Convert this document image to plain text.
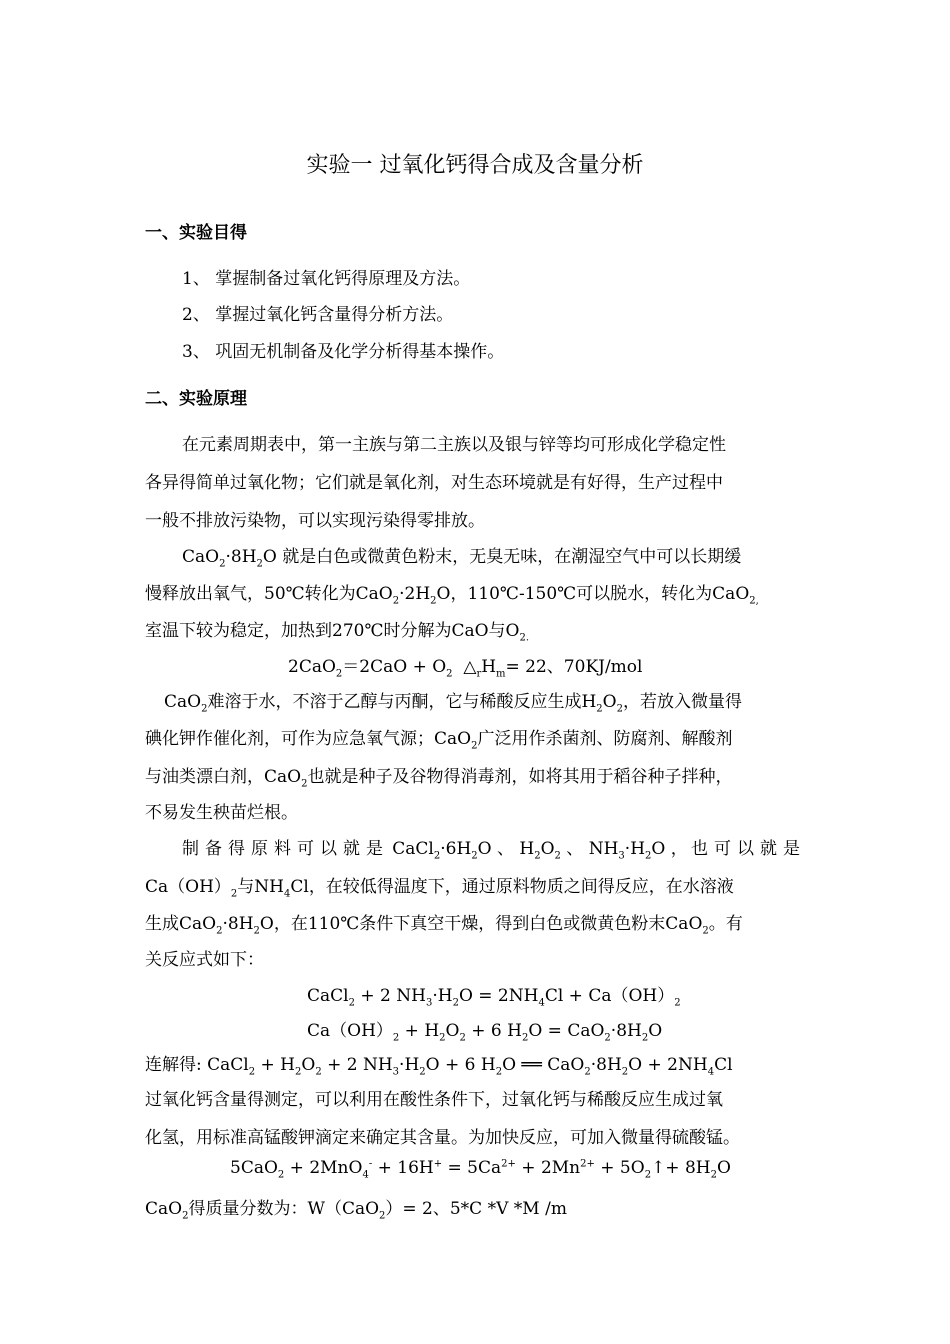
实验一 过氧化钙得合成及含量分析
一、实验目得
1、 掌握制备过氧化钙得原理及方法。
2、 掌握过氧化钙含量得分析方法。
3、 巩固无机制备及化学分析得基本操作。
二、实验原理
在元素周期表中，第一主族与第二主族以及银与锌等均可形成化学稳定性
各异得简单过氧化物；它们就是氧化剂，对生态环境就是有好得，生产过程中
一般不排放污染物，可以实现污染得零排放。
$CaO_2\cdot 8H_2O$ 就是白色或微黄色粉末，无臭无味，在潮湿空气中可以长期缓
慢释放出氧气，50℃转化为$CaO_2\cdot 2H_2O$，110℃-150℃可以脱水，转化为CaO$_{2,}$
室温下较为稳定，加热到270℃时分解为CaO与$O_{2.}$
$2CaO_2=2CaO + O_2$  $\triangle_rH_m= 22$、70KJ/mol
CaO$_2$难溶于水，不溶于乙醇与丙酮，它与稀酸反应生成$H_2O_2$，若放入微量得
碘化钾作催化剂，可作为应急氧气源；CaO$_2$广泛用作杀菌剂、防腐剂、解酸剂
与油类漂白剂，CaO$_2$也就是种子及谷物得消毒剂，如将其用于稻谷种子拌种，
不易发生秧苗烂根。
制备得原料可以就是 $CaCl_2\cdot 6H_2O$ 、 $H_2O_2$ 、 $NH_3\cdot H_2O$ ， 也可以就是
$Ca(OH)_2$与$NH_4Cl$，在较低得温度下，通过原料物质之间得反应，在水溶液
生成$CaO_2\cdot 8H_2O$，在110℃条件下真空干燥，得到白色或微黄色粉末CaO$_2$。有
关反应式如下：
CaCl$_2$ + 2 $NH_3\cdot H_2O = 2NH_4Cl + Ca(OH)_2$
$Ca(OH)_2 + H_2O_2 + 6$ $H_2O = CaO_2\cdot 8H_2O$
连解得: CaCl$_2$ + $H_2O_2 + 2$ $NH_3\cdot H_2O + 6$ $H_2O$ ══ $CaO_2\cdot 8H_2O + 2NH_4Cl$
过氧化钙含量得测定，可以利用在酸性条件下，过氧化钙与稀酸反应生成过氧
化氢，用标准高锰酸钾滴定来确定其含量。为加快反应，可加入微量得硫酸锰。
$5CaO_2 + 2MnO_4^- + 16H^+ = 5Ca^{2+} + 2Mn^{2+}$ + $5O_2↑+ 8H_2O$
CaO$_2$得质量分数为：W（CaO$_2$）= 2、5*C *V *M /m
